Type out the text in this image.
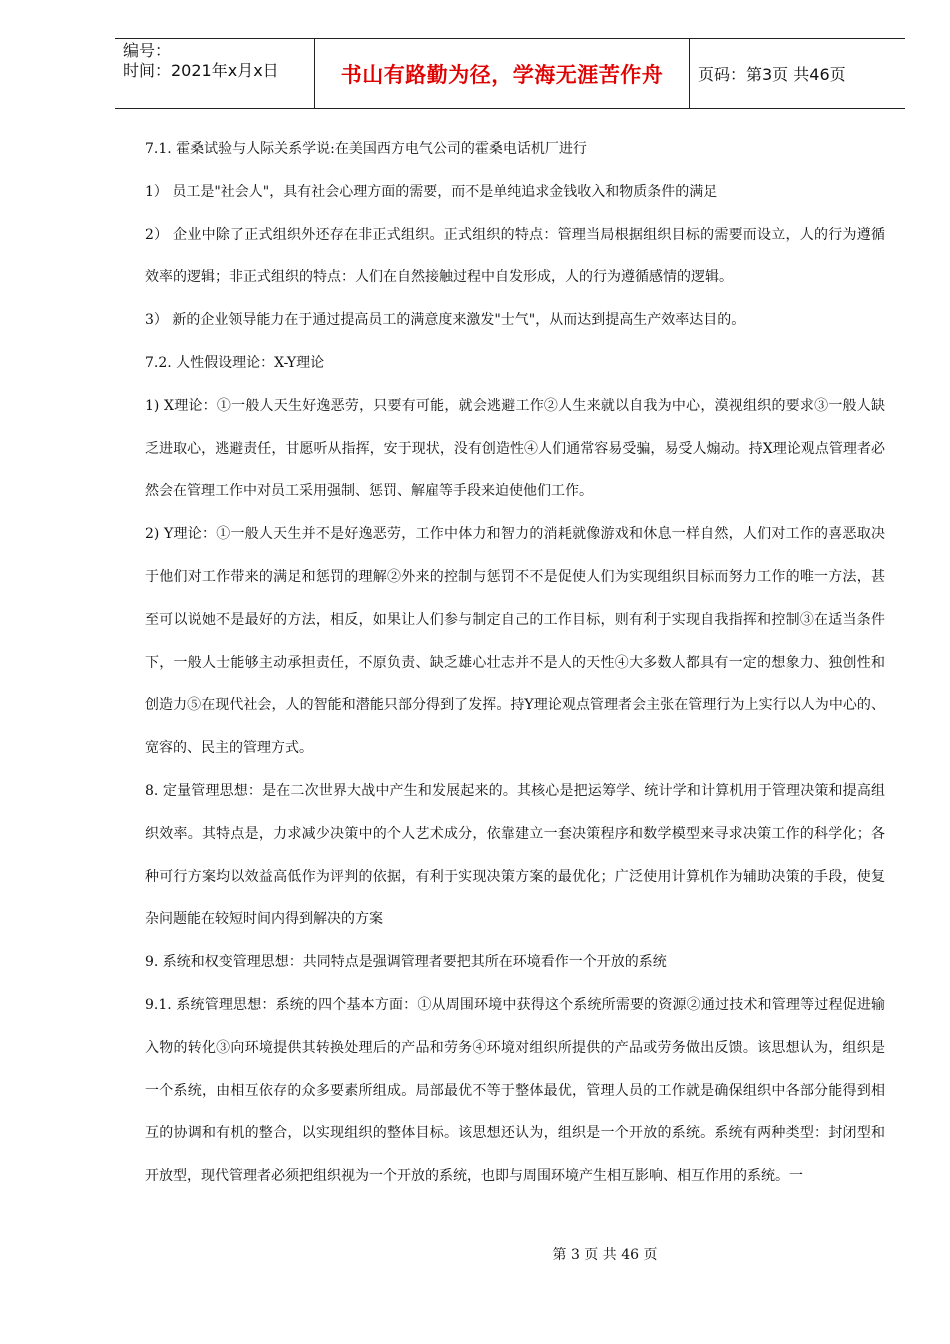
编号：
时间：2021年x月x日	书山有路勤为径，学海无涯苦作舟	页码：第3页 共46页

7.1. 霍桑试验与人际关系学说:在美国西方电气公司的霍桑电话机厂进行

1） 员工是"社会人"，具有社会心理方面的需要，而不是单纯追求金钱收入和物质条件的满足

2） 企业中除了正式组织外还存在非正式组织。正式组织的特点：管理当局根据组织目标的需要而设立，人的行为遵循效率的逻辑；非正式组织的特点：人们在自然接触过程中自发形成，人的行为遵循感情的逻辑。

3） 新的企业领导能力在于通过提高员工的满意度来激发"士气"，从而达到提高生产效率达目的。

7.2. 人性假设理论：X-Y理论

1) X理论：①一般人天生好逸恶劳，只要有可能，就会逃避工作②人生来就以自我为中心，漠视组织的要求③一般人缺乏进取心，逃避责任，甘愿听从指挥，安于现状，没有创造性④人们通常容易受骗，易受人煽动。持X理论观点管理者必然会在管理工作中对员工采用强制、惩罚、解雇等手段来迫使他们工作。

2) Y理论：①一般人天生并不是好逸恶劳，工作中体力和智力的消耗就像游戏和休息一样自然，人们对工作的喜恶取决于他们对工作带来的满足和惩罚的理解②外来的控制与惩罚不不是促使人们为实现组织目标而努力工作的唯一方法，甚至可以说她不是最好的方法，相反，如果让人们参与制定自己的工作目标，则有利于实现自我指挥和控制③在适当条件下，一般人士能够主动承担责任，不原负责、缺乏雄心壮志并不是人的天性④大多数人都具有一定的想象力、独创性和创造力⑤在现代社会，人的智能和潜能只部分得到了发挥。持Y理论观点管理者会主张在管理行为上实行以人为中心的、宽容的、民主的管理方式。

8. 定量管理思想：是在二次世界大战中产生和发展起来的。其核心是把运筹学、统计学和计算机用于管理决策和提高组织效率。其特点是，力求减少决策中的个人艺术成分，依靠建立一套决策程序和数学模型来寻求决策工作的科学化；各种可行方案均以效益高低作为评判的依据，有利于实现决策方案的最优化；广泛使用计算机作为辅助决策的手段，使复杂问题能在较短时间内得到解决的方案

9. 系统和权变管理思想：共同特点是强调管理者要把其所在环境看作一个开放的系统

9.1. 系统管理思想：系统的四个基本方面：①从周围环境中获得这个系统所需要的资源②通过技术和管理等过程促进输入物的转化③向环境提供其转换处理后的产品和劳务④环境对组织所提供的产品或劳务做出反馈。该思想认为，组织是一个系统，由相互依存的众多要素所组成。局部最优不等于整体最优，管理人员的工作就是确保组织中各部分能得到相互的协调和有机的整合，以实现组织的整体目标。该思想还认为，组织是一个开放的系统。系统有两种类型：封闭型和开放型，现代管理者必须把组织视为一个开放的系统，也即与周围环境产生相互影响、相互作用的系统。一

第 3 页 共 46 页
